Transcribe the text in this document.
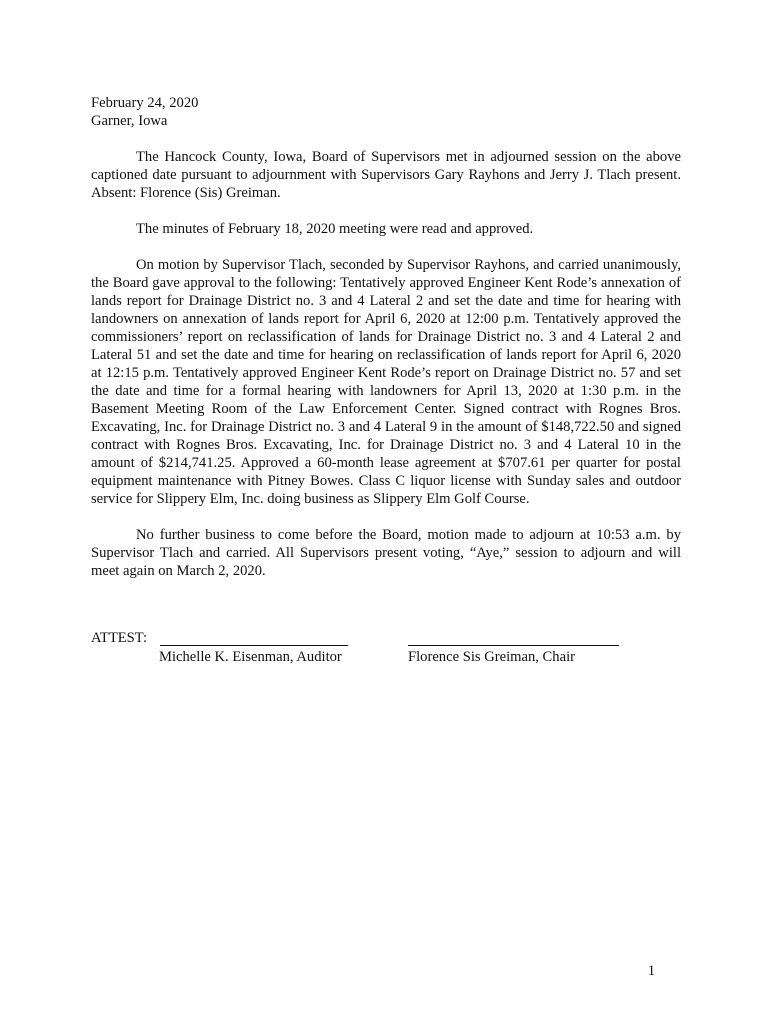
February 24, 2020
Garner, Iowa

The Hancock County, Iowa, Board of Supervisors met in adjourned session on the above captioned date pursuant to adjournment with Supervisors Gary Rayhons and Jerry J. Tlach present. Absent: Florence (Sis) Greiman.

The minutes of February 18, 2020 meeting were read and approved.

On motion by Supervisor Tlach, seconded by Supervisor Rayhons, and carried unanimously, the Board gave approval to the following: Tentatively approved Engineer Kent Rode’s annexation of lands report for Drainage District no. 3 and 4 Lateral 2 and set the date and time for hearing with landowners on annexation of lands report for April 6, 2020 at 12:00 p.m. Tentatively approved the commissioners’ report on reclassification of lands for Drainage District no. 3 and 4 Lateral 2 and Lateral 51 and set the date and time for hearing on reclassification of lands report for April 6, 2020 at 12:15 p.m. Tentatively approved Engineer Kent Rode’s report on Drainage District no. 57 and set the date and time for a formal hearing with landowners for April 13, 2020 at 1:30 p.m. in the Basement Meeting Room of the Law Enforcement Center. Signed contract with Rognes Bros. Excavating, Inc. for Drainage District no. 3 and 4 Lateral 9 in the amount of $148,722.50 and signed contract with Rognes Bros. Excavating, Inc. for Drainage District no. 3 and 4 Lateral 10 in the amount of $214,741.25. Approved a 60-month lease agreement at $707.61 per quarter for postal equipment maintenance with Pitney Bowes. Class C liquor license with Sunday sales and outdoor service for Slippery Elm, Inc. doing business as Slippery Elm Golf Course.

No further business to come before the Board, motion made to adjourn at 10:53 a.m. by Supervisor Tlach and carried. All Supervisors present voting, “Aye,” session to adjourn and will meet again on March 2, 2020.

ATTEST:
Michelle K. Eisenman, Auditor	Florence Sis Greiman, Chair
1
